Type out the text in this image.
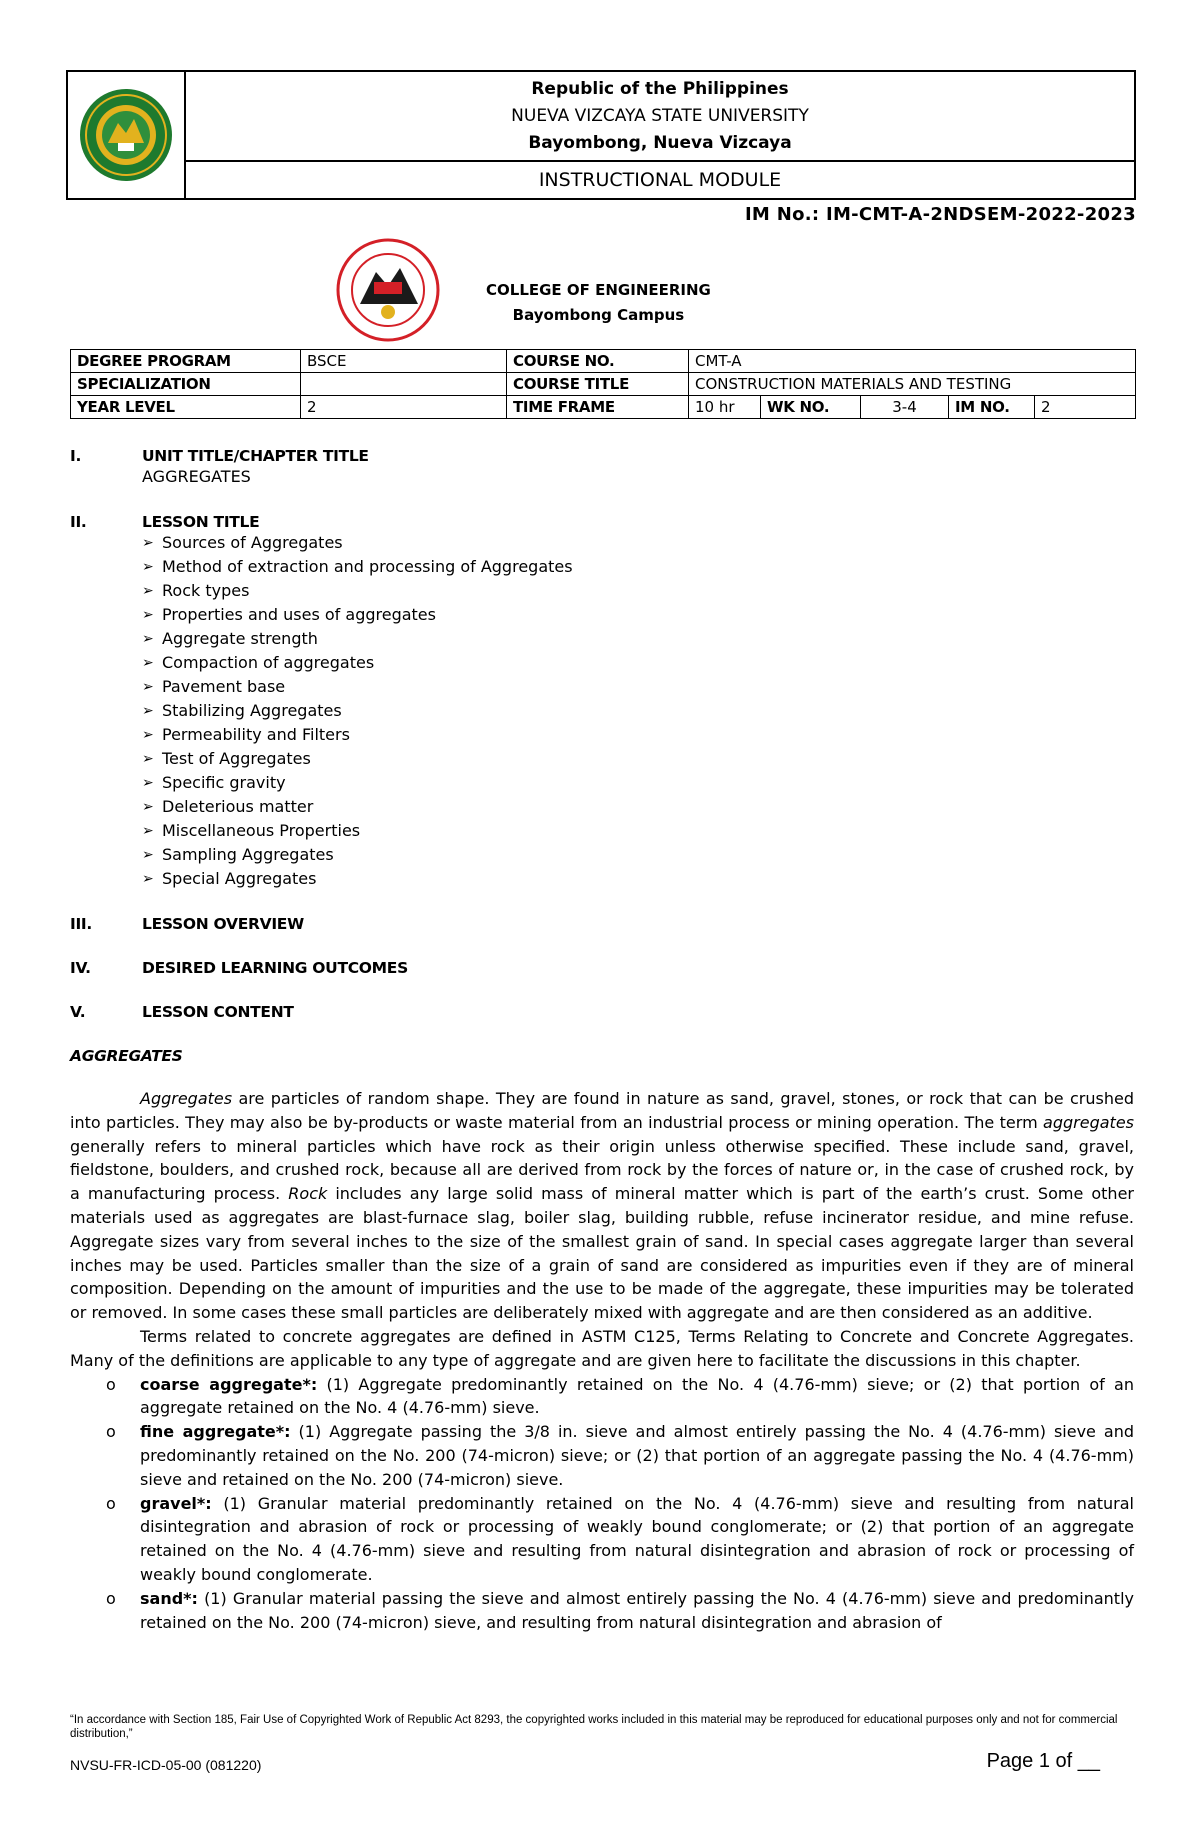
Republic of the Philippines
NUEVA VIZCAYA STATE UNIVERSITY
Bayombong, Nueva Vizcaya
INSTRUCTIONAL MODULE
IM No.: IM-CMT-A-2NDSEM-2022-2023
COLLEGE OF ENGINEERING
Bayombong Campus
DEGREE PROGRAM	BSCE	COURSE NO.	CMT-A				
SPECIALIZATION		COURSE TITLE	CONSTRUCTION MATERIALS AND TESTING				
YEAR LEVEL	2	TIME FRAME	10 hr	WK NO.	3-4	IM NO.	2
I.	UNIT TITLE/CHAPTER TITLE
AGGREGATES
II.	LESSON TITLE
➢ Sources of Aggregates
➢ Method of extraction and processing of Aggregates
➢ Rock types
➢ Properties and uses of aggregates
➢ Aggregate strength
➢ Compaction of aggregates
➢ Pavement base
➢ Stabilizing Aggregates
➢ Permeability and Filters
➢ Test of Aggregates
➢ Specific gravity
➢ Deleterious matter
➢ Miscellaneous Properties
➢ Sampling Aggregates
➢ Special Aggregates
III.	LESSON OVERVIEW
IV.	DESIRED LEARNING OUTCOMES
V.	LESSON CONTENT
AGGREGATES

Aggregates are particles of random shape. They are found in nature as sand, gravel, stones, or rock that can be crushed into particles. They may also be by-products or waste material from an industrial process or mining operation. The term aggregates generally refers to mineral particles which have rock as their origin unless otherwise specified. These include sand, gravel, fieldstone, boulders, and crushed rock, because all are derived from rock by the forces of nature or, in the case of crushed rock, by a manufacturing process. Rock includes any large solid mass of mineral matter which is part of the earth’s crust. Some other materials used as aggregates are blast-furnace slag, boiler slag, building rubble, refuse incinerator residue, and mine refuse. Aggregate sizes vary from several inches to the size of the smallest grain of sand. In special cases aggregate larger than several inches may be used. Particles smaller than the size of a grain of sand are considered as impurities even if they are of mineral composition. Depending on the amount of impurities and the use to be made of the aggregate, these impurities may be tolerated or removed. In some cases these small particles are deliberately mixed with aggregate and are then considered as an additive.

Terms related to concrete aggregates are defined in ASTM C125, Terms Relating to Concrete and Concrete Aggregates. Many of the definitions are applicable to any type of aggregate and are given here to facilitate the discussions in this chapter.

o	coarse aggregate*: (1) Aggregate predominantly retained on the No. 4 (4.76-mm) sieve; or (2) that portion of an aggregate retained on the No. 4 (4.76-mm) sieve.
o	fine aggregate*: (1) Aggregate passing the 3/8 in. sieve and almost entirely passing the No. 4 (4.76-mm) sieve and predominantly retained on the No. 200 (74-micron) sieve; or (2) that portion of an aggregate passing the No. 4 (4.76-mm) sieve and retained on the No. 200 (74-micron) sieve.
o	gravel*: (1) Granular material predominantly retained on the No. 4 (4.76-mm) sieve and resulting from natural disintegration and abrasion of rock or processing of weakly bound conglomerate; or (2) that portion of an aggregate retained on the No. 4 (4.76-mm) sieve and resulting from natural disintegration and abrasion of rock or processing of weakly bound conglomerate.
o	sand*: (1) Granular material passing the sieve and almost entirely passing the No. 4 (4.76-mm) sieve and predominantly retained on the No. 200 (74-micron) sieve, and resulting from natural disintegration and abrasion of
“In accordance with Section 185, Fair Use of Copyrighted Work of Republic Act 8293, the copyrighted works included in this material may be reproduced for educational purposes only and not for commercial distribution,”
NVSU-FR-ICD-05-00 (081220)	Page 1 of __
